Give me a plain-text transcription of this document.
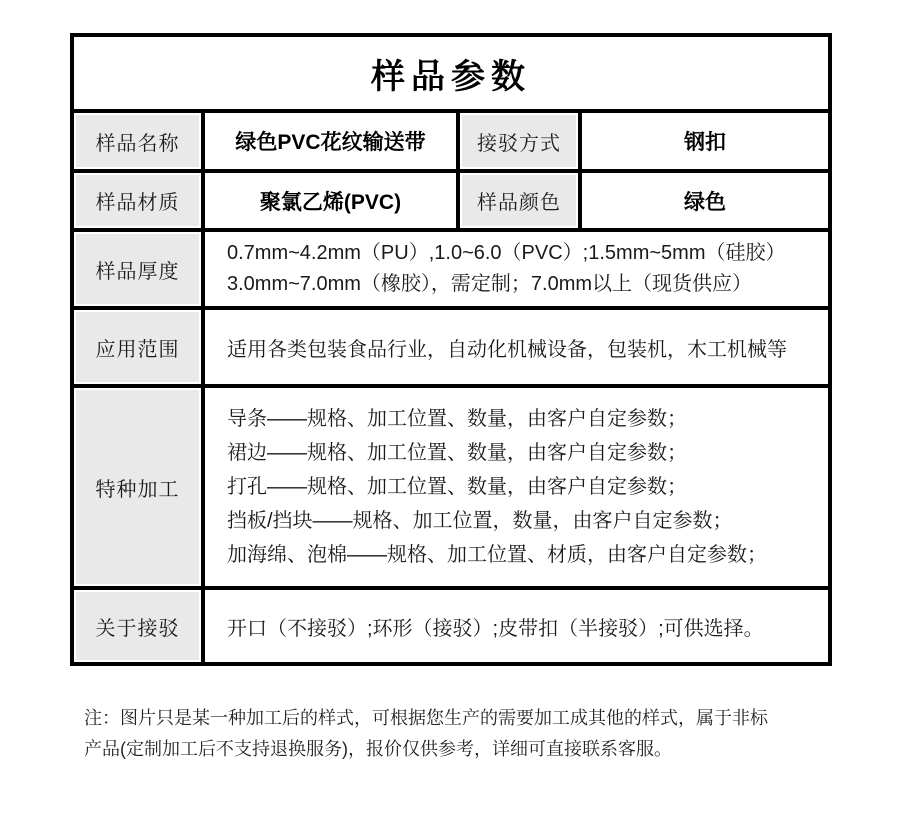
样品参数			
样品名称	绿色PVC花纹输送带	接驳方式	钢扣
样品材质	聚氯乙烯(PVC)	样品颜色	绿色
样品厚度	0.7mm~4.2mm（PU）,1.0~6.0（PVC）;1.5mm~5mm（硅胶）
3.0mm~7.0mm（橡胶），需定制；7.0mm以上（现货供应）		

应用范围	适用各类包装食品行业，自动化机械设备，包装机，木工机械等		
特种加工	导条——规格、加工位置、数量，由客户自定参数；
裙边——规格、加工位置、数量，由客户自定参数；
打孔——规格、加工位置、数量，由客户自定参数；
挡板/挡块——规格、加工位置，数量，由客户自定参数；
加海绵、泡棉——规格、加工位置、材质，由客户自定参数；		

关于接驳	开口（不接驳）;环形（接驳）;皮带扣（半接驳）;可供选择。		
注：图片只是某一种加工后的样式，可根据您生产的需要加工成其他的样式，属于非标
产品(定制加工后不支持退换服务)，报价仅供参考，详细可直接联系客服。
